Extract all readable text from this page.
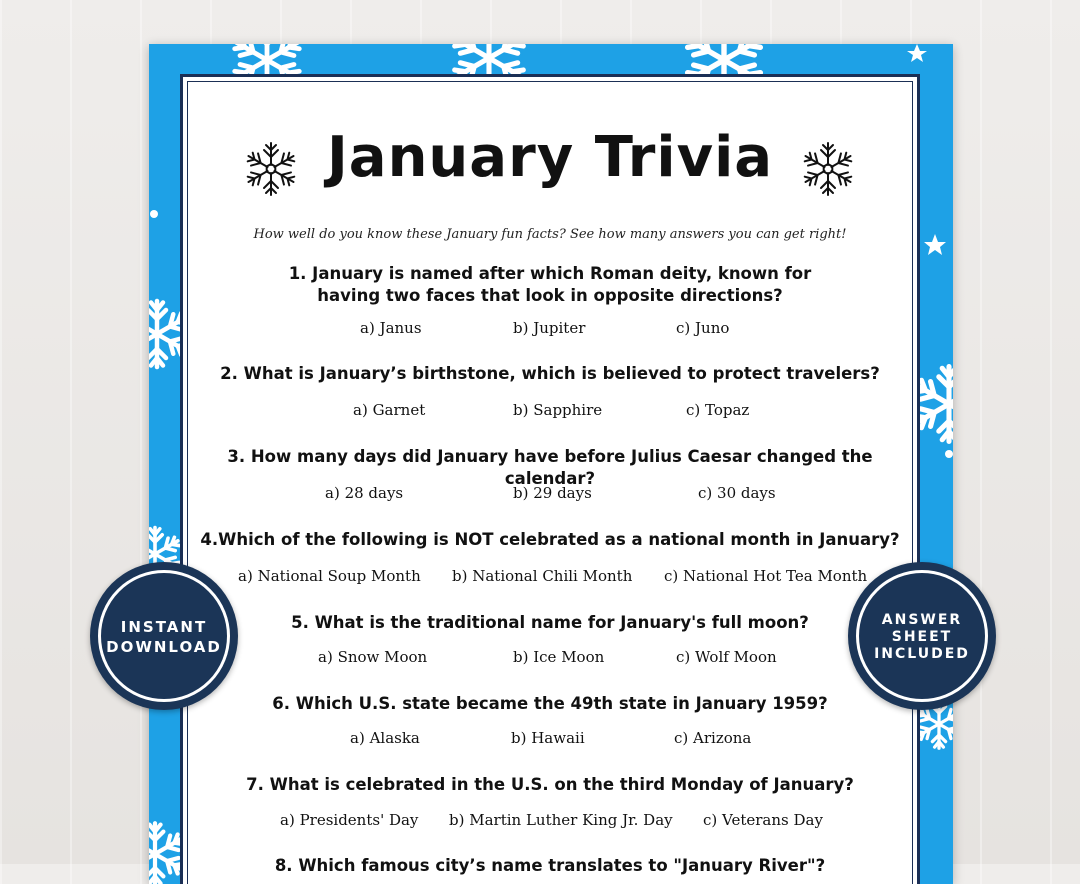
January Trivia
How well do you know these January fun facts? See how many answers you can get right!
1. January is named after which Roman deity, known for
having two faces that look in opposite directions?
a) Janus	b) Jupiter	c) Juno
2. What is January’s birthstone, which is believed to protect travelers?
a) Garnet	b) Sapphire	c) Topaz
3. How many days did January have before Julius Caesar changed the calendar?
a) 28 days	b) 29 days	c) 30 days
4.Which of the following is NOT celebrated as a national month in January?
a) National Soup Month b) National Chili Month c) National Hot Tea Month
5. What is the traditional name for January's full moon?
a) Snow Moon	b) Ice Moon	c) Wolf Moon
6. Which U.S. state became the 49th state in January 1959?
a) Alaska	b) Hawaii	c) Arizona
7. What is celebrated in the U.S. on the third Monday of January?
a) Presidents' Day b) Martin Luther King Jr. Day c) Veterans Day
8. Which famous city’s name translates to "January River"?
INSTANT
DOWNLOAD
ANSWER
SHEET
INCLUDED
